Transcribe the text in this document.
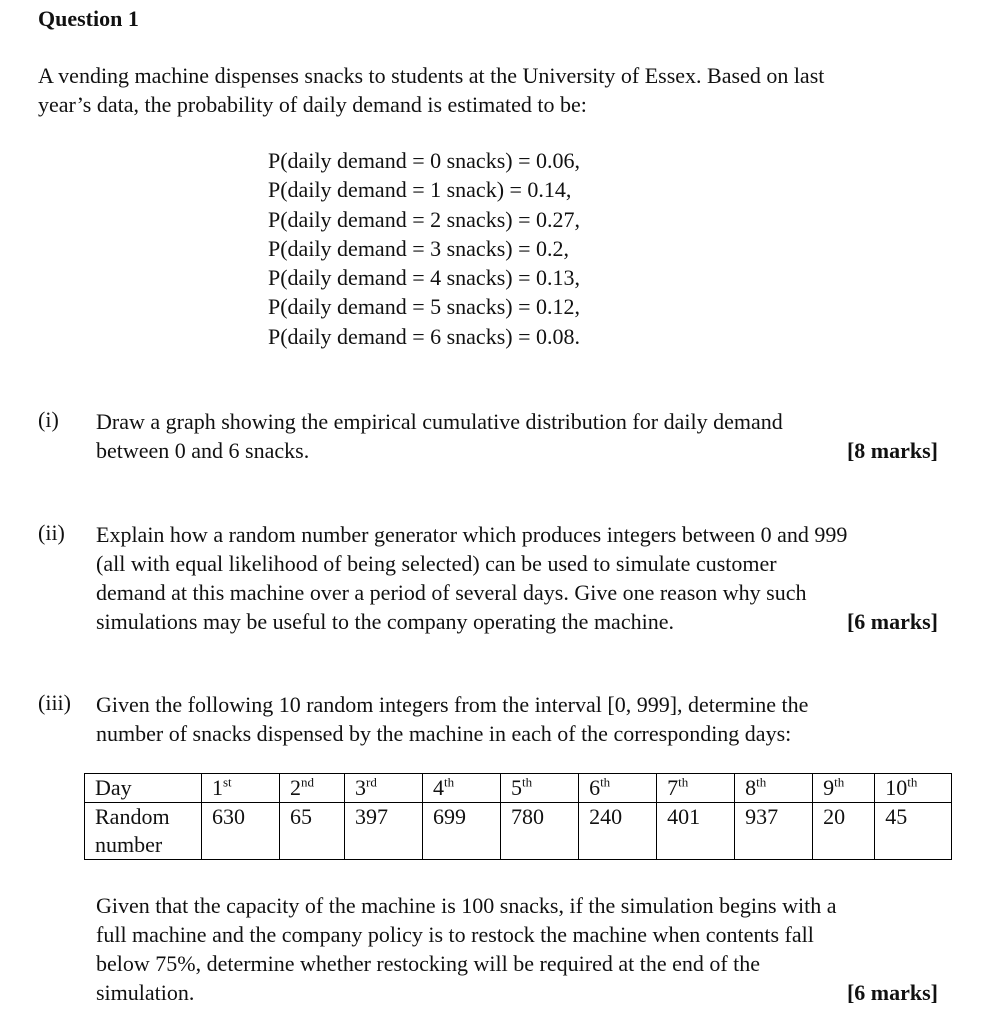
Question 1
A vending machine dispenses snacks to students at the University of Essex. Based on last
year’s data, the probability of daily demand is estimated to be:
P(daily demand = 0 snacks) = 0.06,
P(daily demand = 1 snack) = 0.14,
P(daily demand = 2 snacks) = 0.27,
P(daily demand = 3 snacks) = 0.2,
P(daily demand = 4 snacks) = 0.13,
P(daily demand = 5 snacks) = 0.12,
P(daily demand = 6 snacks) = 0.08.
(i) Draw a graph showing the empirical cumulative distribution for daily demand
between 0 and 6 snacks.	[8 marks]
(ii) Explain how a random number generator which produces integers between 0 and 999
(all with equal likelihood of being selected) can be used to simulate customer
demand at this machine over a period of several days. Give one reason why such
simulations may be useful to the company operating the machine.	[6 marks]
(iii) Given the following 10 random integers from the interval [0, 999], determine the
number of snacks dispensed by the machine in each of the corresponding days:
Day	1st	2nd	3rd	4th	5th	6th	7th	8th	9th	10th
Random number	630	65	397	699	780	240	401	937	20	45
Given that the capacity of the machine is 100 snacks, if the simulation begins with a
full machine and the company policy is to restock the machine when contents fall
below 75%, determine whether restocking will be required at the end of the
simulation.	[6 marks]
